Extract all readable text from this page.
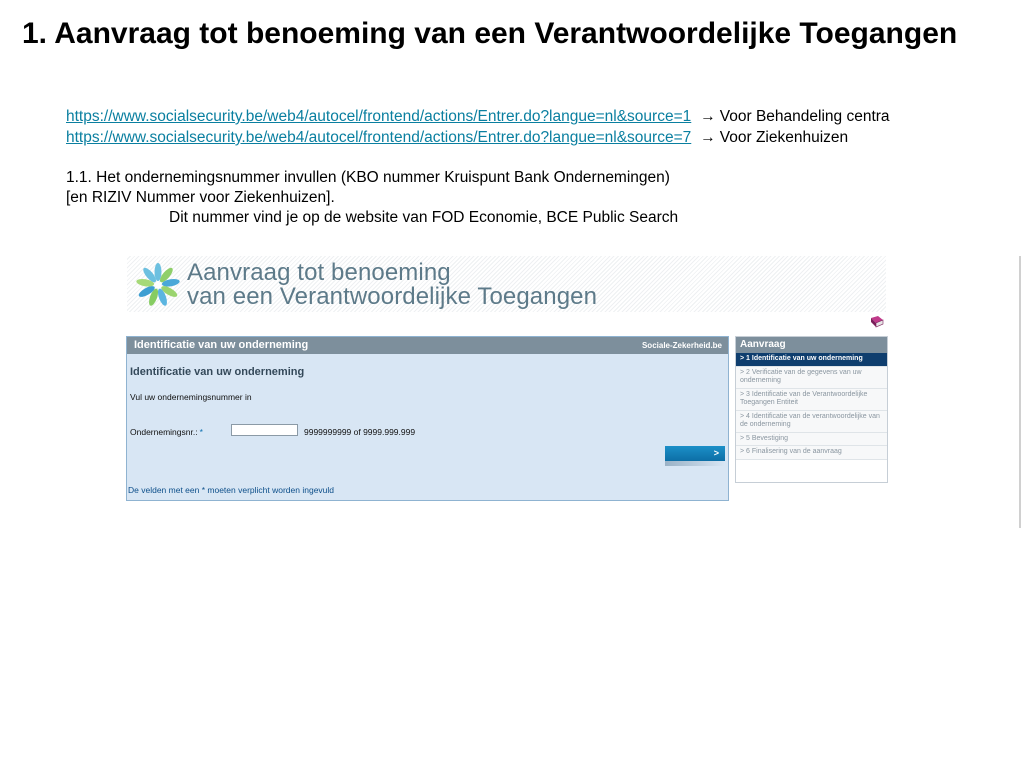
1. Aanvraag tot benoeming van een Verantwoordelijke Toegangen
https://www.socialsecurity.be/web4/autocel/frontend/actions/Entrer.do?langue=nl&source=1 → Voor Behandeling centra
https://www.socialsecurity.be/web4/autocel/frontend/actions/Entrer.do?langue=nl&source=7 → Voor Ziekenhuizen
1.1. Het ondernemingsnummer invullen (KBO nummer Kruispunt Bank Ondernemingen)
[en RIZIV Nummer voor Ziekenhuizen].
Dit nummer vind je op de website van FOD Economie, BCE Public Search
Aanvraag tot benoeming
van een Verantwoordelijke Toegangen
Identificatie van uw onderneming	Sociale-Zekerheid.be
Identificatie van uw onderneming
Vul uw ondernemingsnummer in
Ondernemingsnr.: *	9999999999 of 9999.999.999
>
De velden met een * moeten verplicht worden ingevuld
Aanvraag
> 1 Identificatie van uw onderneming
> 2 Verificatie van de gegevens van uw onderneming
> 3 Identificatie van de Verantwoordelijke Toegangen Entiteit
> 4 Identificatie van de verantwoordelijke van de onderneming
> 5 Bevestiging
> 6 Finalisering van de aanvraag
